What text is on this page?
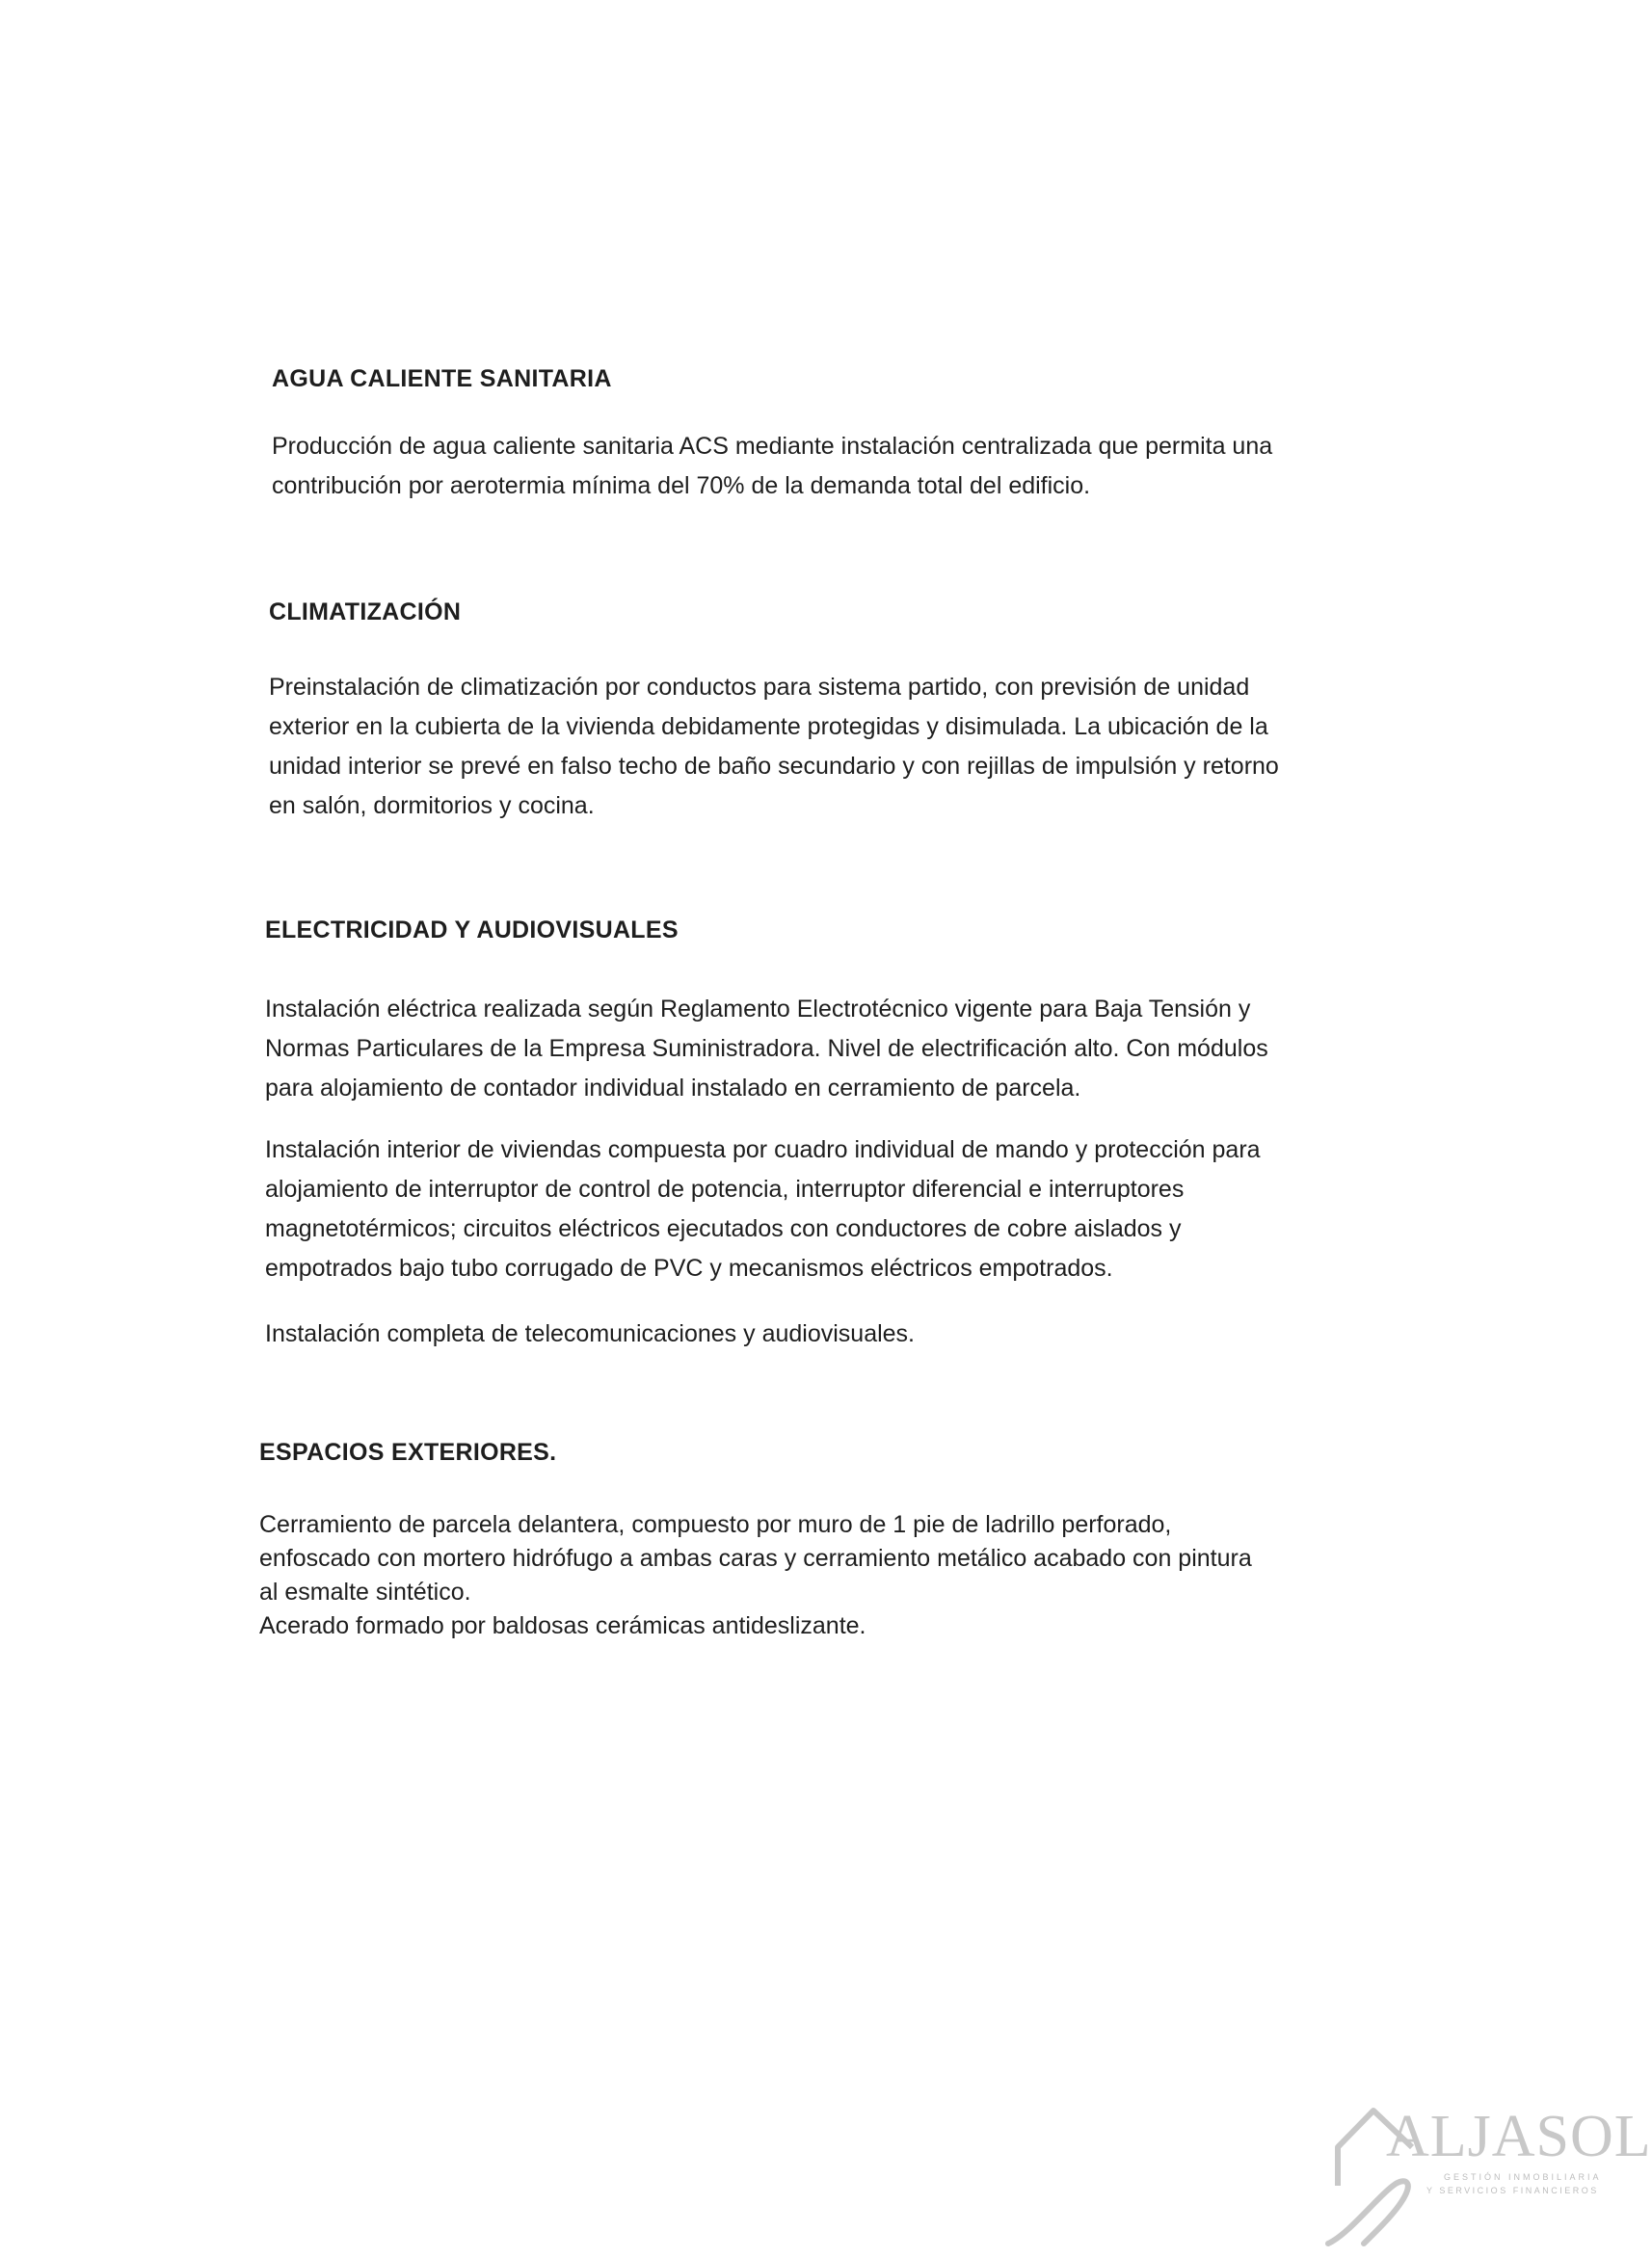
AGUA CALIENTE SANITARIA

Producción de agua caliente sanitaria ACS mediante instalación centralizada que permita una
contribución por aerotermia mínima del 70% de la demanda total del edificio.

CLIMATIZACIÓN

Preinstalación de climatización por conductos para sistema partido, con previsión de unidad
exterior en la cubierta de la vivienda debidamente protegidas y disimulada. La ubicación de la
unidad interior se prevé en falso techo de baño secundario y con rejillas de impulsión y retorno
en salón, dormitorios y cocina.

ELECTRICIDAD Y AUDIOVISUALES

Instalación eléctrica realizada según Reglamento Electrotécnico vigente para Baja Tensión y
Normas Particulares de la Empresa Suministradora. Nivel de electrificación alto. Con módulos
para alojamiento de contador individual instalado en cerramiento de parcela.

Instalación interior de viviendas compuesta por cuadro individual de mando y protección para
alojamiento de interruptor de control de potencia, interruptor diferencial e interruptores
magnetotérmicos; circuitos eléctricos ejecutados con conductores de cobre aislados y
empotrados bajo tubo corrugado de PVC y mecanismos eléctricos empotrados.

Instalación completa de telecomunicaciones y audiovisuales.

ESPACIOS EXTERIORES.

Cerramiento de parcela delantera, compuesto por muro de 1 pie de ladrillo perforado,
enfoscado con mortero hidrófugo a ambas caras y cerramiento metálico acabado con pintura
al esmalte sintético.
Acerado formado por baldosas cerámicas antideslizante.

ALJASOL
GESTIÓN INMOBILIARIA
Y SERVICIOS FINANCIEROS
